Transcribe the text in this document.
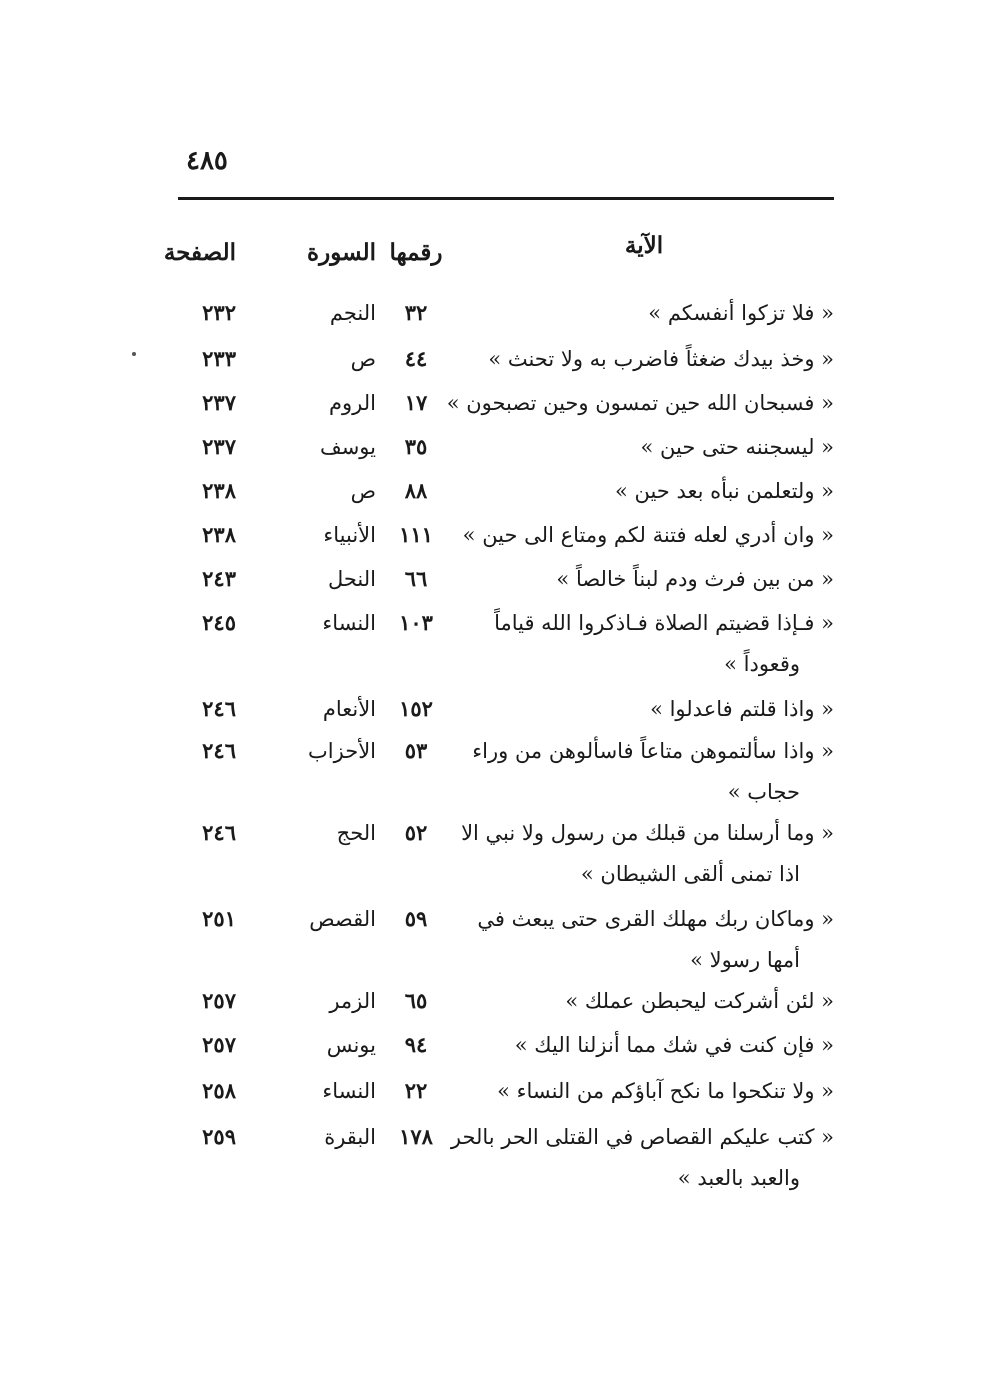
٤٨٥
الآية
رقمها
السورة
الصفحة
« فلا تزكوا أنفسكم »
٣٢
النجم
٢٣٢
« وخذ بيدك ضغثاً فاضرب به ولا تحنث »
٤٤
ص
٢٣٣
« فسبحان الله حين تمسون وحين تصبحون »
١٧
الروم
٢٣٧
« ليسجننه حتى حين »
٣٥
يوسف
٢٣٧
« ولتعلمن نبأه بعد حين »
٨٨
ص
٢٣٨
« وان أدري لعله فتنة لكم ومتاع الى حين »
١١١
الأنبياء
٢٣٨
« من بين فرث ودم لبناً خالصاً »
٦٦
النحل
٢٤٣
« فـإذا قضيتم الصلاة فـاذكروا الله قياماً
وقعوداً »
١٠٣
النساء
٢٤٥
« واذا قلتم فاعدلوا »
١٥٢
الأنعام
٢٤٦
« واذا سألتموهن متاعاً فاسألوهن من وراء
حجاب »
٥٣
الأحزاب
٢٤٦
« وما أرسلنا من قبلك من رسول ولا نبي الا
اذا تمنى ألقى الشيطان »
٥٢
الحج
٢٤٦
« وماكان ربك مهلك القرى حتى يبعث في
أمها رسولا »
٥٩
القصص
٢٥١
« لئن أشركت ليحبطن عملك »
٦٥
الزمر
٢٥٧
« فإن كنت في شك مما أنزلنا اليك »
٩٤
يونس
٢٥٧
« ولا تنكحوا ما نكح آباؤكم من النساء »
٢٢
النساء
٢٥٨
« كتب عليكم القصاص في القتلى الحر بالحر
والعبد بالعبد »
١٧٨
البقرة
٢٥٩
